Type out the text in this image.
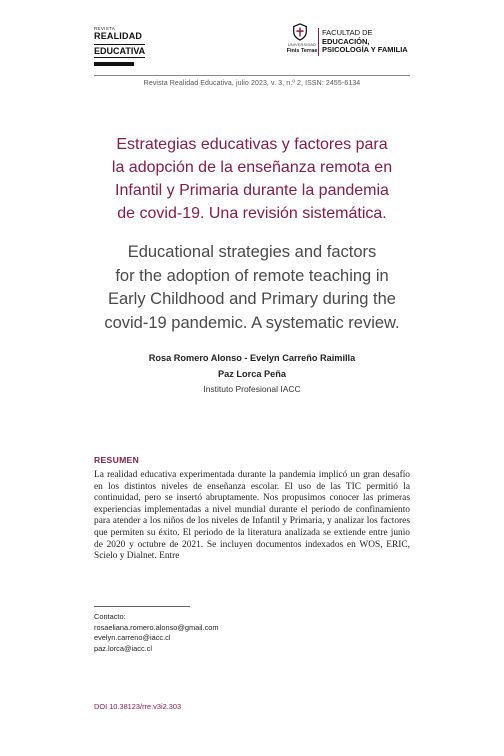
REVISTA
REALIDAD
EDUCATIVA
UNIVERSIDAD
Finis Terrae
FACULTAD DE
EDUCACIÓN,
PSICOLOGÍA Y FAMILIA
Revista Realidad Educativa, julio 2023, v. 3, n.º 2, ISSN: 2455-6134
Estrategias educativas y factores para
la adopción de la enseñanza remota en
Infantil y Primaria durante la pandemia
de covid-19. Una revisión sistemática.
Educational strategies and factors
for the adoption of remote teaching in
Early Childhood and Primary during the
covid-19 pandemic. A systematic review.
Rosa Romero Alonso - Evelyn Carreño Raimilla
Paz Lorca Peña
Instituto Profesional IACC
RESUMEN
La realidad educativa experimentada durante la pandemia implicó un gran desafío en los distintos niveles de enseñanza escolar. El uso de las TIC permitió la continuidad, pero se insertó abruptamente. Nos propusimos conocer las primeras experiencias implementadas a nivel mundial durante el periodo de confinamiento para atender a los niños de los niveles de Infantil y Primaria, y analizar los factores que permiten su éxito. El periodo de la literatura analizada se extiende entre junio de 2020 y octubre de 2021. Se incluyen documentos indexados en WOS, ERIC, Scielo y Dialnet. Entre
Contacto:
rosaeliana.romero.alonso@gmail.com
evelyn.carreno@iacc.cl
paz.lorca@iacc.cl
DOI 10.38123/rre.v3i2.303
